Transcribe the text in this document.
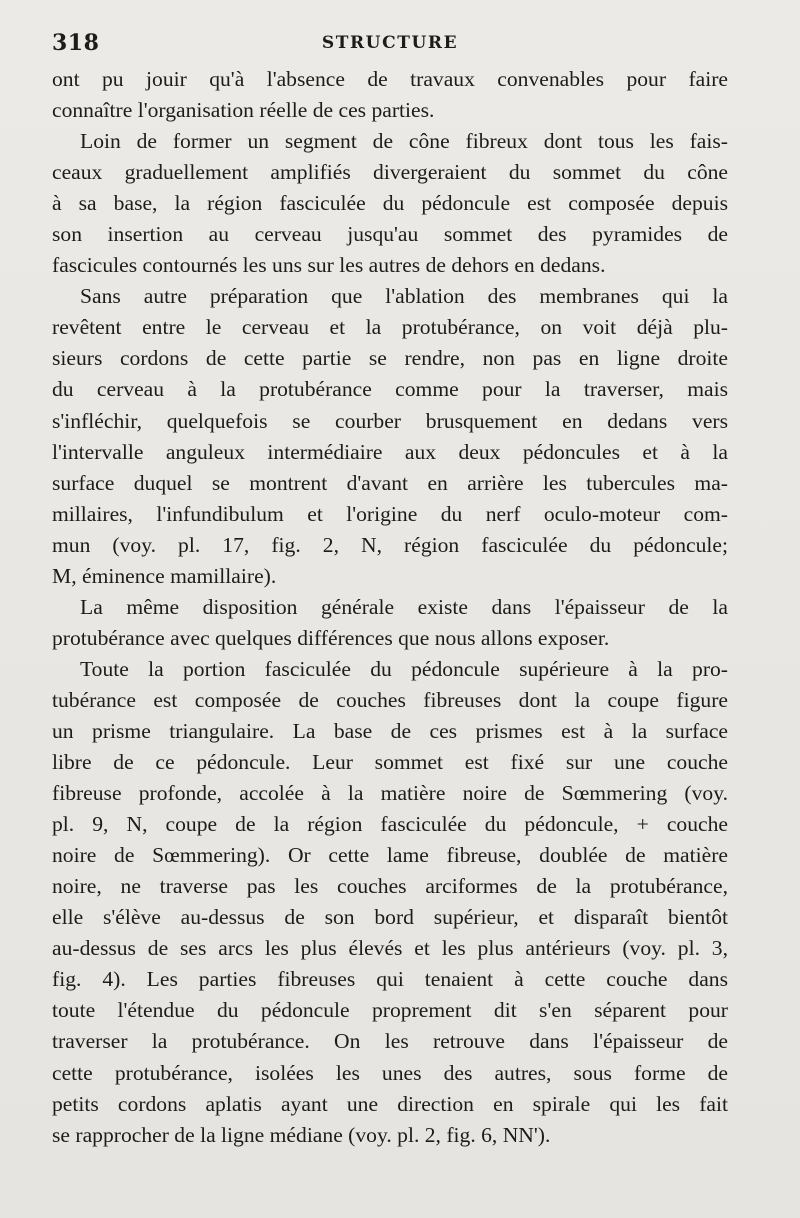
318	STRUCTURE
ont pu jouir qu'à l'absence de travaux convenables pour faire
connaître l'organisation réelle de ces parties.
Loin de former un segment de cône fibreux dont tous les fais-
ceaux graduellement amplifiés divergeraient du sommet du cône
à sa base, la région fasciculée du pédoncule est composée depuis
son insertion au cerveau jusqu'au sommet des pyramides de
fascicules contournés les uns sur les autres de dehors en dedans.
Sans autre préparation que l'ablation des membranes qui la
revêtent entre le cerveau et la protubérance, on voit déjà plu-
sieurs cordons de cette partie se rendre, non pas en ligne droite
du cerveau à la protubérance comme pour la traverser, mais
s'infléchir, quelquefois se courber brusquement en dedans vers
l'intervalle anguleux intermédiaire aux deux pédoncules et à la
surface duquel se montrent d'avant en arrière les tubercules ma-
millaires, l'infundibulum et l'origine du nerf oculo-moteur com-
mun (voy. pl. 17, fig. 2, N, région fasciculée du pédoncule;
M, éminence mamillaire).
La même disposition générale existe dans l'épaisseur de la
protubérance avec quelques différences que nous allons exposer.
Toute la portion fasciculée du pédoncule supérieure à la pro-
tubérance est composée de couches fibreuses dont la coupe figure
un prisme triangulaire. La base de ces prismes est à la surface
libre de ce pédoncule. Leur sommet est fixé sur une couche
fibreuse profonde, accolée à la matière noire de Sœmmering (voy.
pl. 9, N, coupe de la région fasciculée du pédoncule, + couche
noire de Sœmmering). Or cette lame fibreuse, doublée de matière
noire, ne traverse pas les couches arciformes de la protubérance,
elle s'élève au-dessus de son bord supérieur, et disparaît bientôt
au-dessus de ses arcs les plus élevés et les plus antérieurs (voy. pl. 3,
fig. 4). Les parties fibreuses qui tenaient à cette couche dans
toute l'étendue du pédoncule proprement dit s'en séparent pour
traverser la protubérance. On les retrouve dans l'épaisseur de
cette protubérance, isolées les unes des autres, sous forme de
petits cordons aplatis ayant une direction en spirale qui les fait
se rapprocher de la ligne médiane (voy. pl. 2, fig. 6, NN').
